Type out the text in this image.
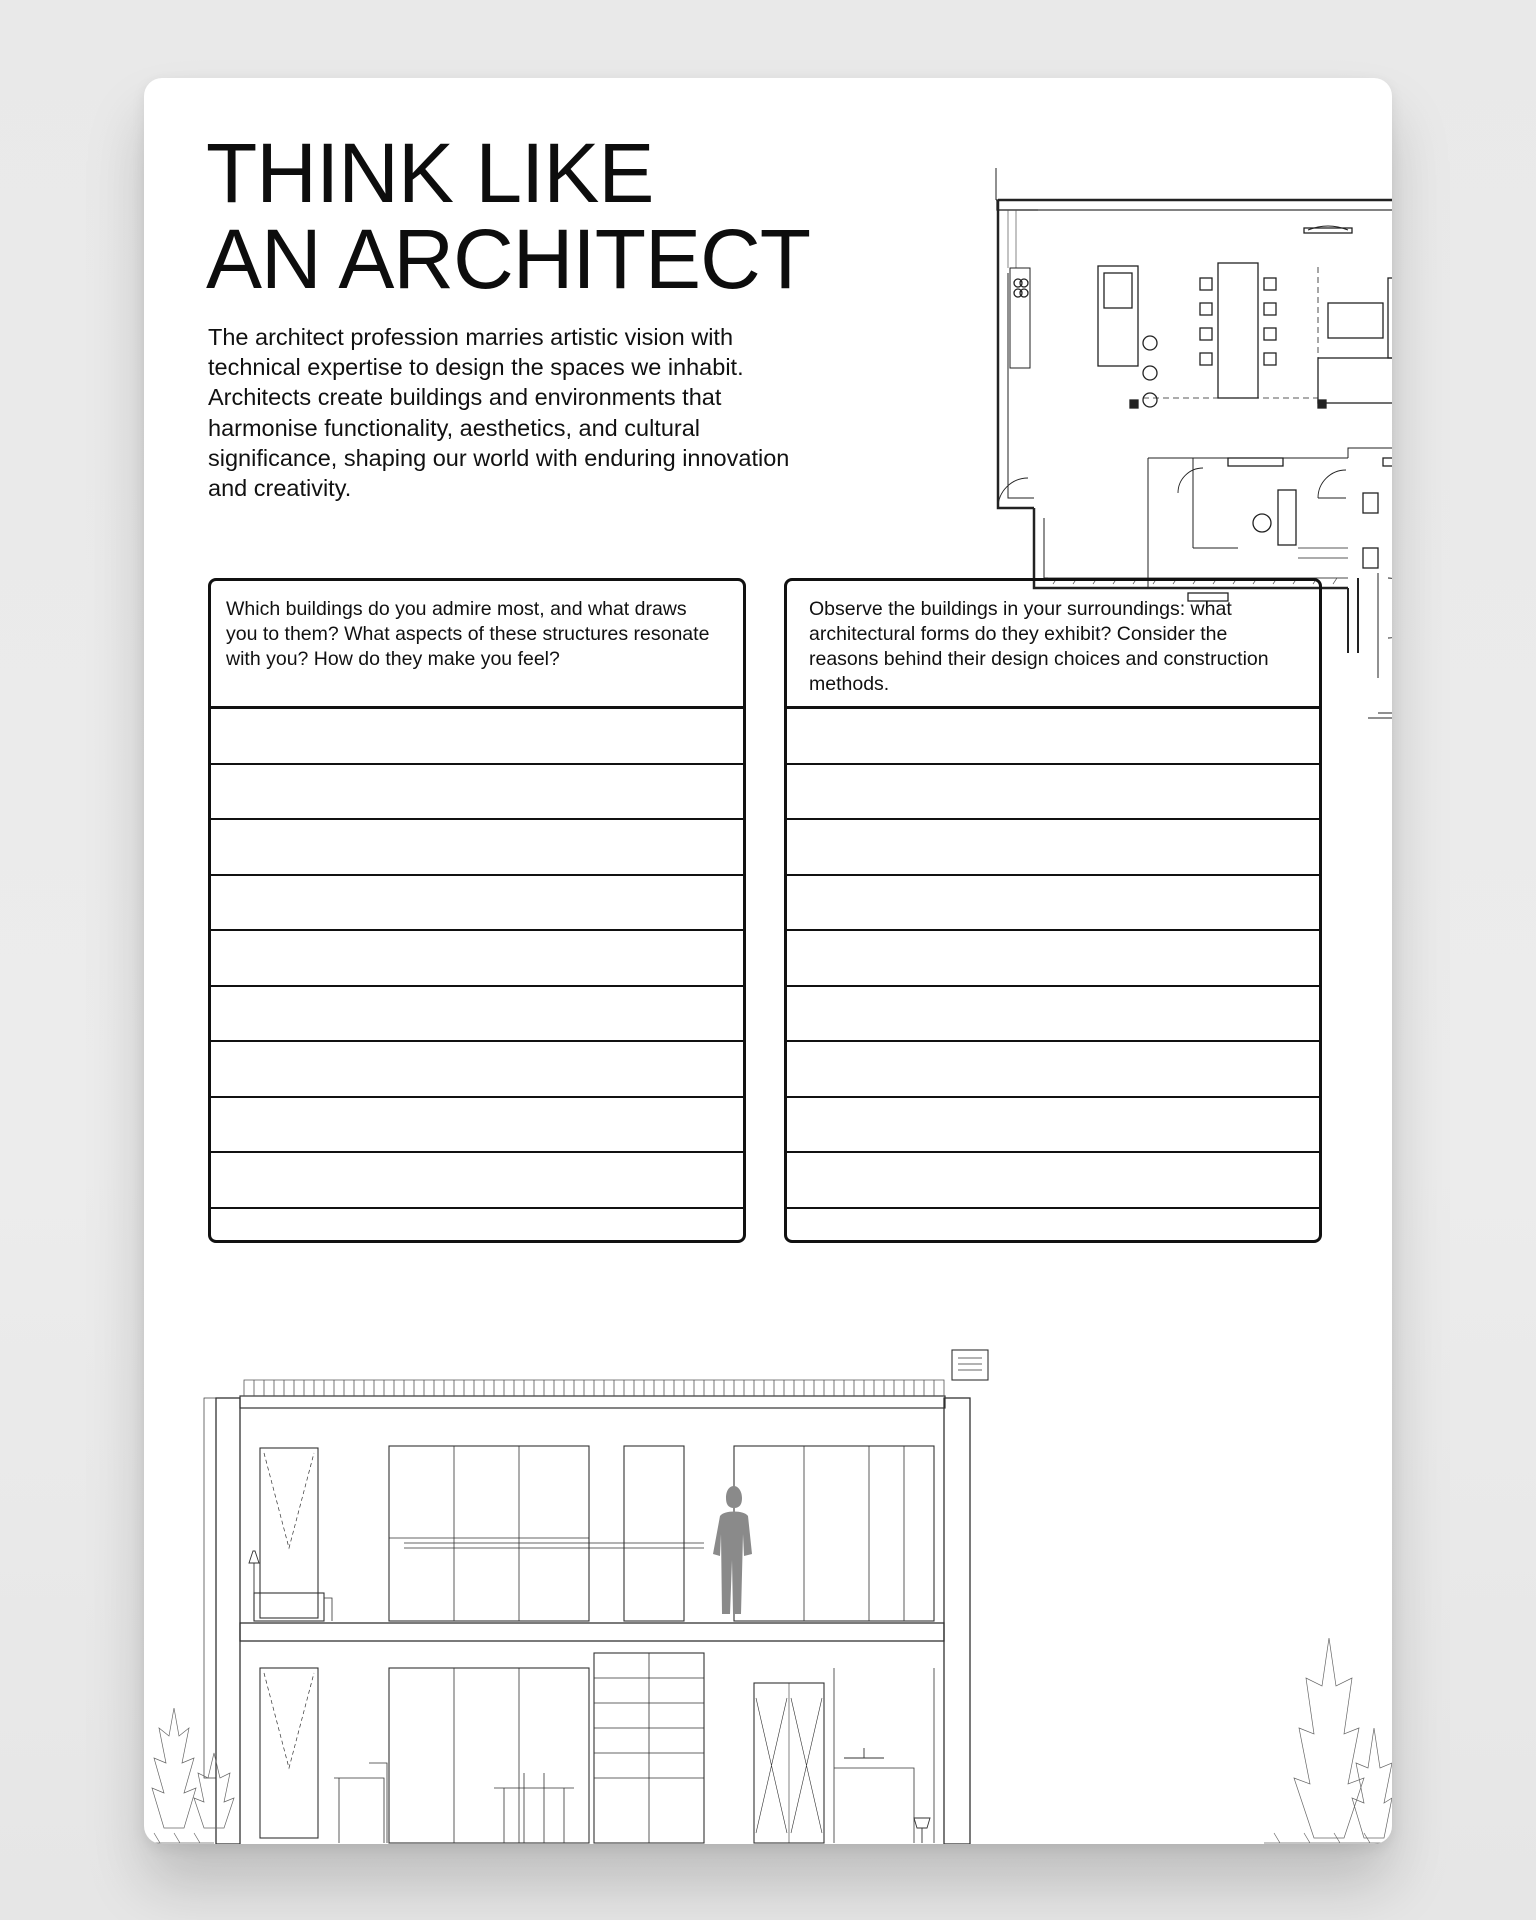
THINK LIKE
AN ARCHITECT

The architect profession marries artistic vision with technical expertise to design the spaces we inhabit. Architects create buildings and environments that harmonise functionality, aesthetics, and cultural significance, shaping our world with enduring innovation and creativity.

Which buildings do you admire most, and what draws you to them? What aspects of these structures resonate with you? How do they make you feel?
Observe the buildings in your surroundings: what architectural forms do they exhibit? Consider the reasons behind their design choices and construction methods.
